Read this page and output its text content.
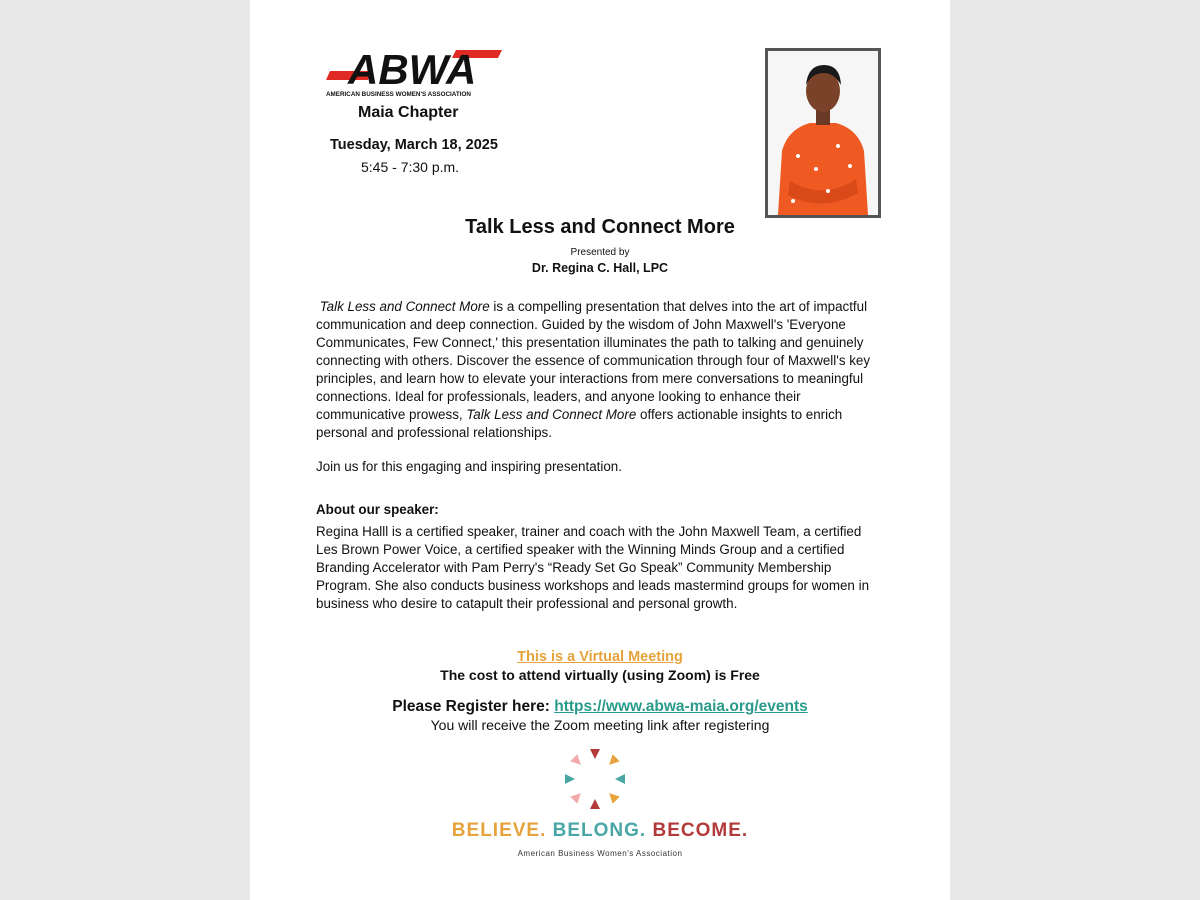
ABWA
AMERICAN BUSINESS WOMEN'S ASSOCIATION
Maia Chapter
Tuesday, March 18, 2025
5:45 - 7:30 p.m.
Talk Less and Connect More
Presented by
Dr. Regina C. Hall, LPC
Talk Less and Connect More is a compelling presentation that delves into the art of impactful communication and deep connection. Guided by the wisdom of John Maxwell's 'Everyone Communicates, Few Connect,' this presentation illuminates the path to talking and genuinely connecting with others. Discover the essence of communication through four of Maxwell's key principles, and learn how to elevate your interactions from mere conversations to meaningful connections. Ideal for professionals, leaders, and anyone looking to enhance their communicative prowess, Talk Less and Connect More offers actionable insights to enrich personal and professional relationships.
Join us for this engaging and inspiring presentation.
About our speaker:
Regina Halll is a certified speaker, trainer and coach with the John Maxwell Team, a certified Les Brown Power Voice, a certified speaker with the Winning Minds Group and a certified Branding Accelerator with Pam Perry's “Ready Set Go Speak” Community Membership Program. She also conducts business workshops and leads mastermind groups for women in business who desire to catapult their professional and personal growth.
This is a Virtual Meeting
The cost to attend virtually (using Zoom) is Free
Please Register here: https://www.abwa-maia.org/events
You will receive the Zoom meeting link after registering
BELIEVE. BELONG. BECOME.
American Business Women's Association
